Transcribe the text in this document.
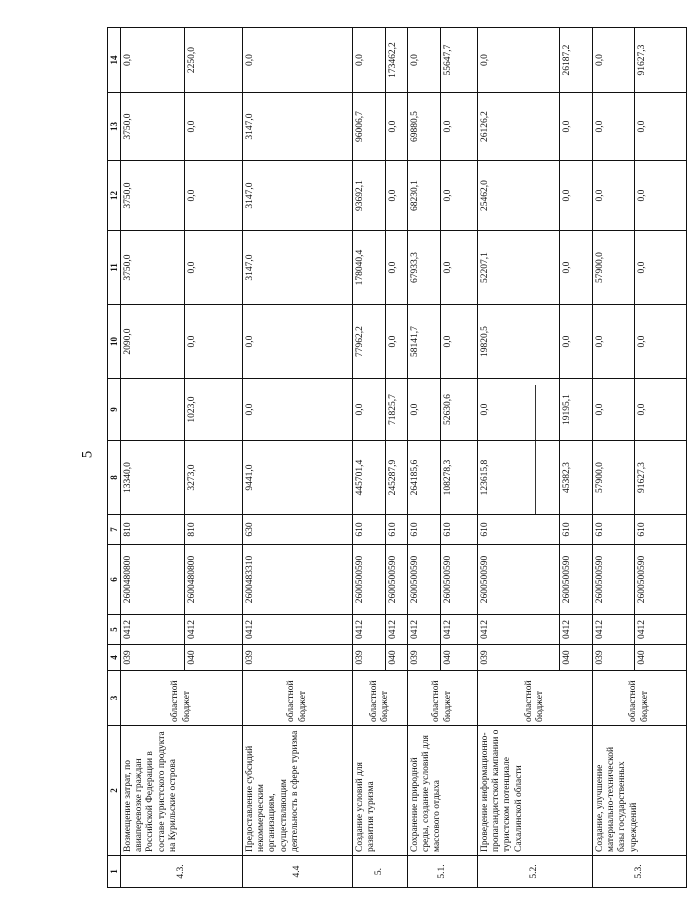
5
1	2	3	4	5	6	7	8	9	10	11	12	13	14
4.3.	Возмещение затрат, по авиаперевозке граждан Российской Федерации в составе туристского продукта на Курильские острова	областной бюджет	039	0412	2600480800	810	13340,0		2090,0	3750,0	3750,0	3750,0	0,0
			040	0412	2600480800	810	3273,0	1023,0	0,0	0,0	0,0	0,0	2250,0
4.4	Предоставление субсидий некоммерческим организациям, осуществляющим деятельность в сфере туризма	областной бюджет	039	0412	2600483310	630	9441,0	0,0	0,0	3147,0	3147,0	3147,0	0,0
5.	Создание условий для развития туризма	областной бюджет	039	0412	2600500590	610	445701,4	0,0	77962,2	178040,4	93692,1	96006,7	0,0
			040	0412	2600500590	610	245287,9	71825,7	0,0	0,0	0,0	0,0	173462,2
5.1.	Сохранение природной среды, создание условий для массового отдыха	областной бюджет	039	0412	2600500590	610	264185,6	0,0	58141,7	67933,3	68230,1	69880,5	0,0
			040	0412	2600500590	610	108278,3	52630,6	0,0	0,0	0,0	0,0	55647,7
5.2.	Проведение информационно-пропагандистской кампании о туристском потенциале Сахалинской области	областной бюджет	039	0412	2600500590	610	123615,8	0,0	19820,5	52207,1	25462,0	26126,2	0,0
			040	0412	2600500590	610	45382,3	19195,1	0,0	0,0	0,0	0,0	26187,2
5.3.	Создание, улучшение материально-технической базы государственных учреждений	областной бюджет	039	0412	2600500590	610	57900,0	0,0	0,0	57900,0	0,0	0,0	0,0
			040	0412	2600500590	610	91627,3	0,0	0,0	0,0	0,0	0,0	91627,3
